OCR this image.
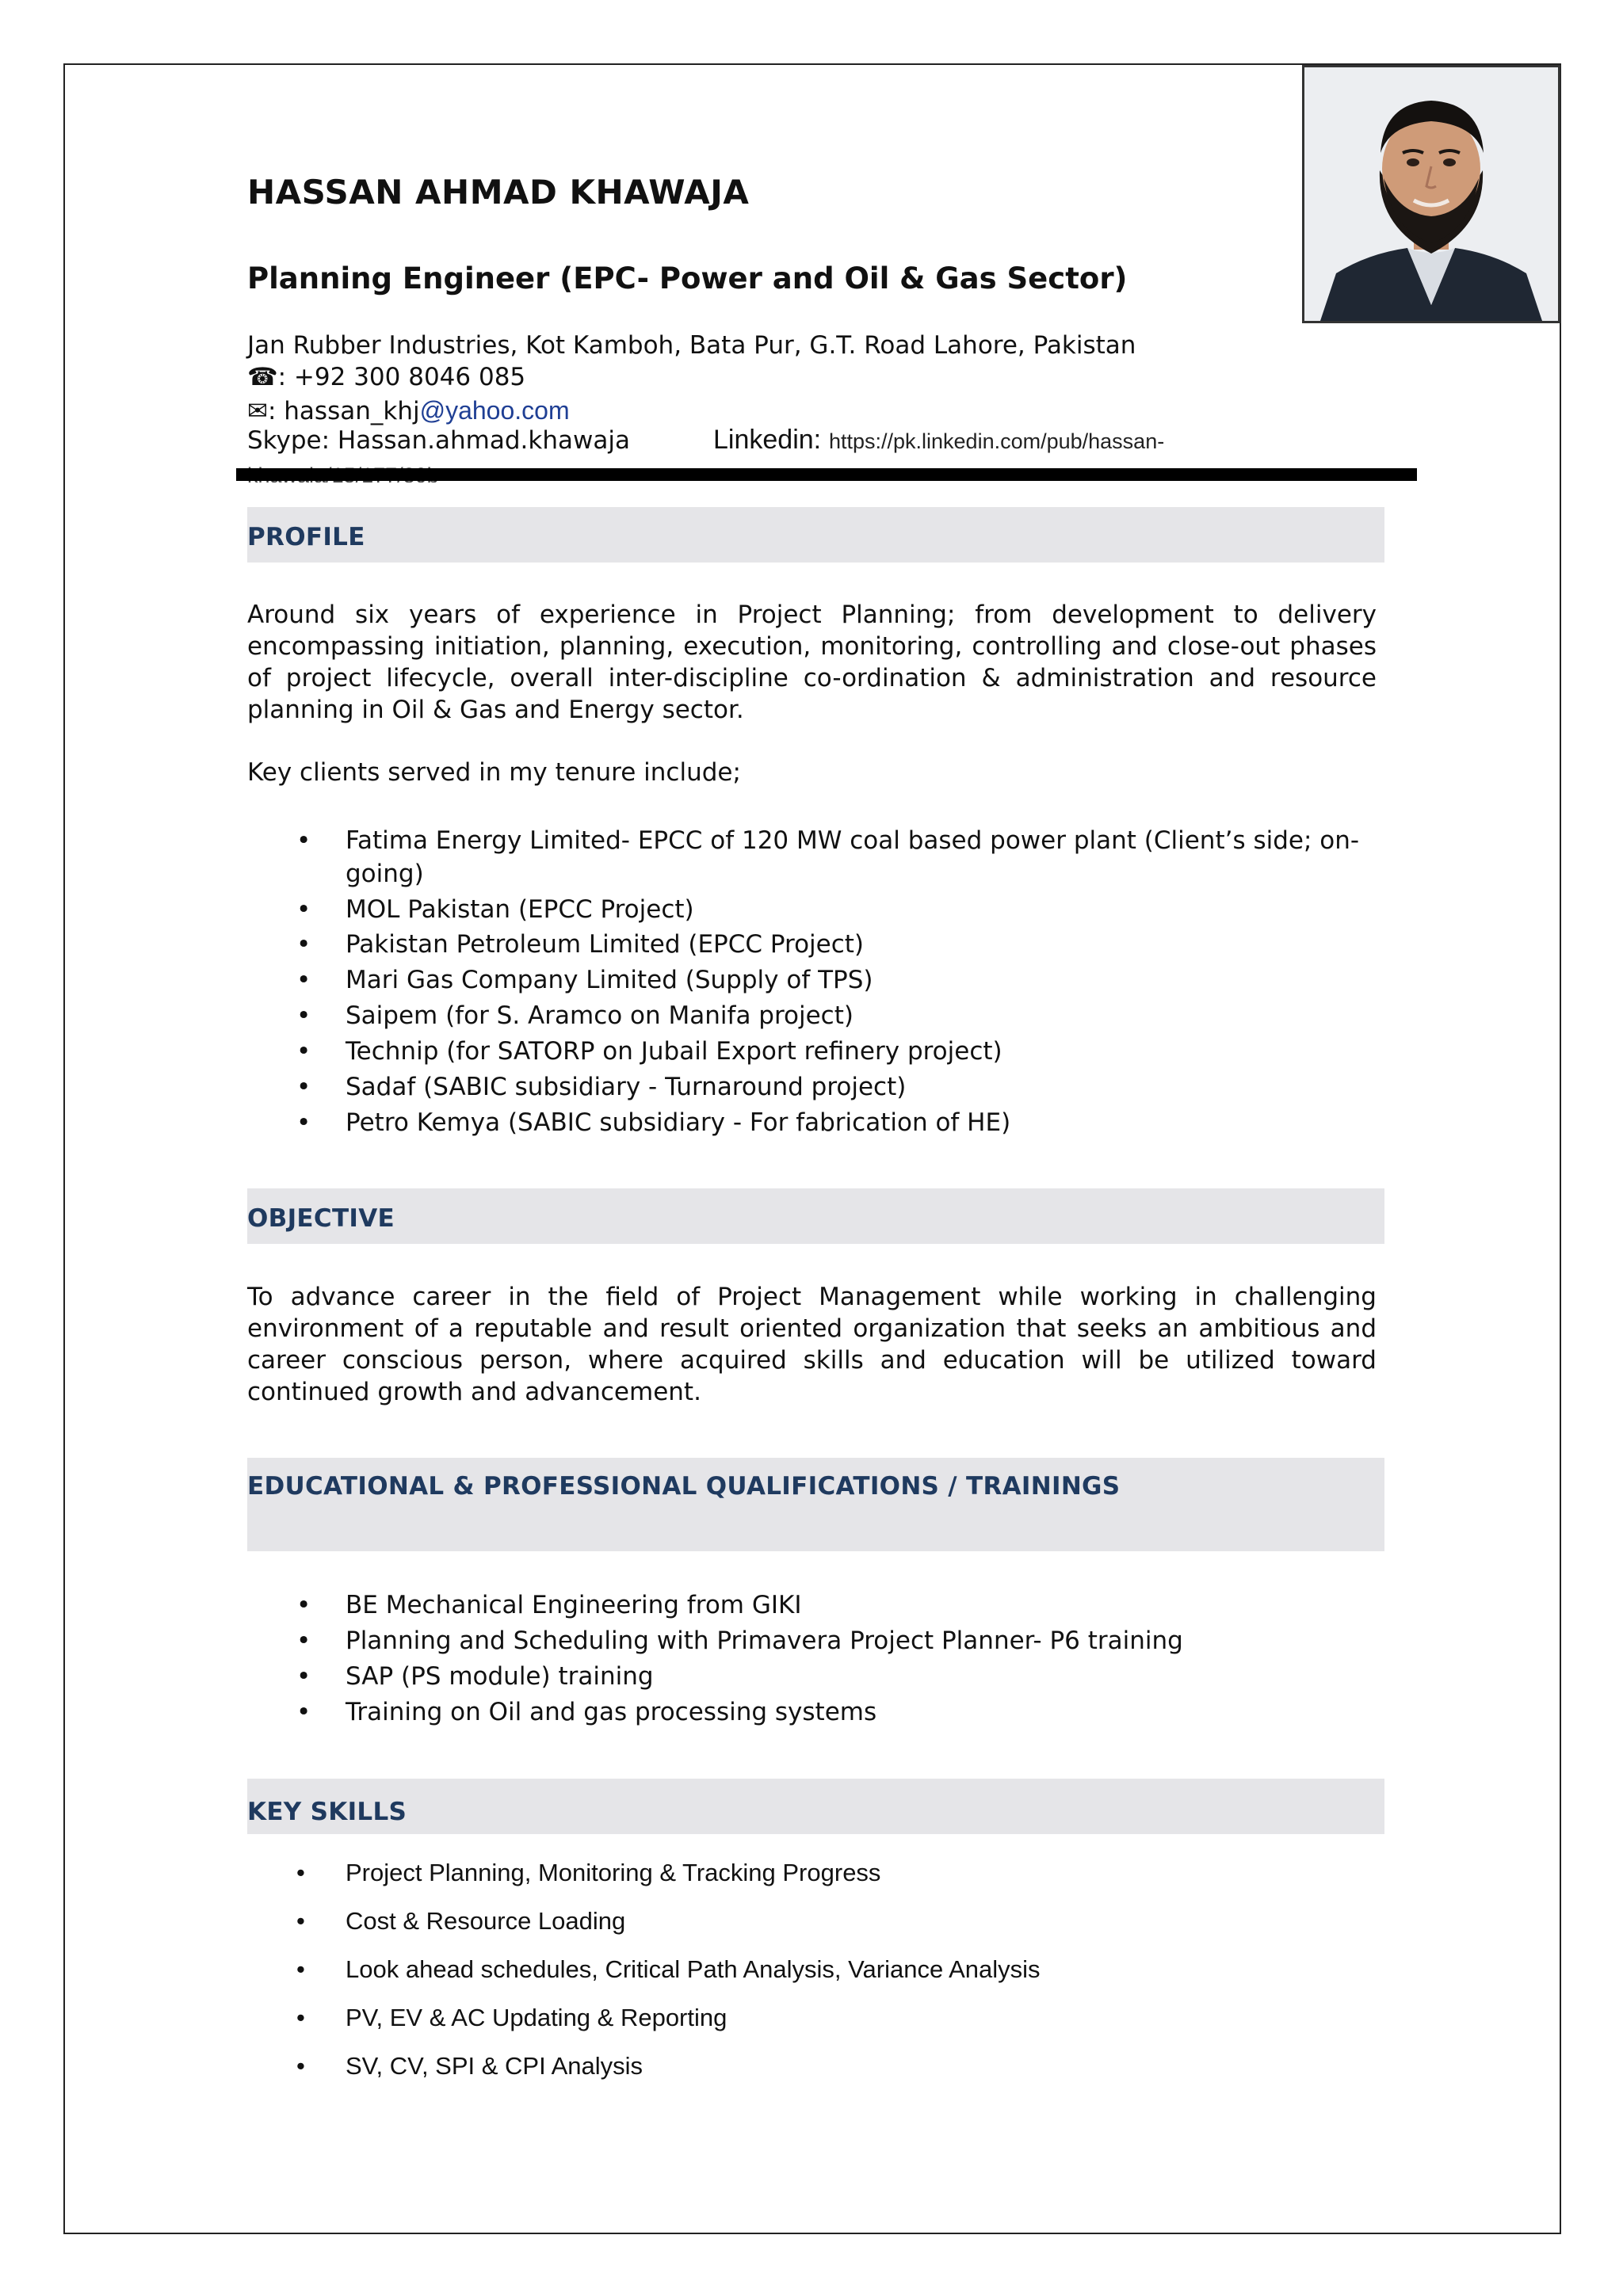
HASSAN AHMAD KHAWAJA
Planning Engineer (EPC- Power and Oil & Gas Sector)
Jan Rubber Industries, Kot Kamboh, Bata Pur, G.T. Road Lahore, Pakistan
☎: +92 300 8046 085
✉: hassan_khj@yahoo.com
Skype: Hassan.ahmad.khawaja	Linkedin: https://pk.linkedin.com/pub/hassan-
PROFILE
Around six years of experience in Project Planning; from development to delivery encompassing initiation, planning, execution, monitoring, controlling and close-out phases of project lifecycle, overall inter-discipline co-ordination & administration and resource planning in Oil & Gas and Energy sector.
Key clients served in my tenure include;
• Fatima Energy Limited- EPCC of 120 MW coal based power plant (Client’s side; on-going)
• MOL Pakistan (EPCC Project)
• Pakistan Petroleum Limited (EPCC Project)
• Mari Gas Company Limited (Supply of TPS)
• Saipem (for S. Aramco on Manifa project)
• Technip (for SATORP on Jubail Export refinery project)
• Sadaf (SABIC subsidiary - Turnaround project)
• Petro Kemya (SABIC subsidiary - For fabrication of HE)
OBJECTIVE
To advance career in the field of Project Management while working in challenging environment of a reputable and result oriented organization that seeks an ambitious and career conscious person, where acquired skills and education will be utilized toward continued growth and advancement.
EDUCATIONAL & PROFESSIONAL QUALIFICATIONS / TRAININGS
• BE Mechanical Engineering from GIKI
• Planning and Scheduling with Primavera Project Planner- P6 training
• SAP (PS module) training
• Training on Oil and gas processing systems
KEY SKILLS
• Project Planning, Monitoring & Tracking Progress
• Cost & Resource Loading
• Look ahead schedules, Critical Path Analysis, Variance Analysis
• PV, EV & AC Updating & Reporting
• SV, CV, SPI & CPI Analysis
